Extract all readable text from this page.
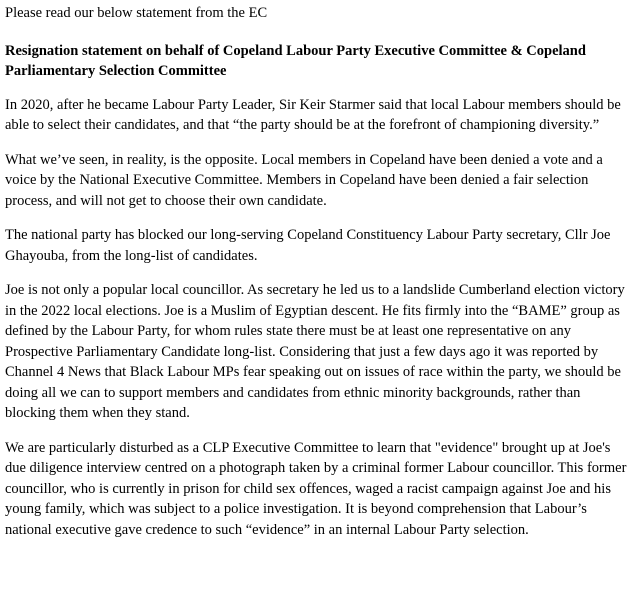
Please read our below statement from the EC

Resignation statement on behalf of Copeland Labour Party Executive Committee & Copeland Parliamentary Selection Committee

In 2020, after he became Labour Party Leader, Sir Keir Starmer said that local Labour members should be able to select their candidates, and that “the party should be at the forefront of championing diversity.”

What we’ve seen, in reality, is the opposite. Local members in Copeland have been denied a vote and a voice by the National Executive Committee. Members in Copeland have been denied a fair selection process, and will not get to choose their own candidate.

The national party has blocked our long-serving Copeland Constituency Labour Party secretary, Cllr Joe Ghayouba, from the long-list of candidates.

Joe is not only a popular local councillor. As secretary he led us to a landslide Cumberland election victory in the 2022 local elections. Joe is a Muslim of Egyptian descent. He fits firmly into the “BAME” group as defined by the Labour Party, for whom rules state there must be at least one representative on any Prospective Parliamentary Candidate long-list. Considering that just a few days ago it was reported by Channel 4 News that Black Labour MPs fear speaking out on issues of race within the party, we should be doing all we can to support members and candidates from ethnic minority backgrounds, rather than blocking them when they stand.

We are particularly disturbed as a CLP Executive Committee to learn that "evidence" brought up at Joe's due diligence interview centred on a photograph taken by a criminal former Labour councillor. This former councillor, who is currently in prison for child sex offences, waged a racist campaign against Joe and his young family, which was subject to a police investigation. It is beyond comprehension that Labour’s national executive gave credence to such “evidence” in an internal Labour Party selection.
